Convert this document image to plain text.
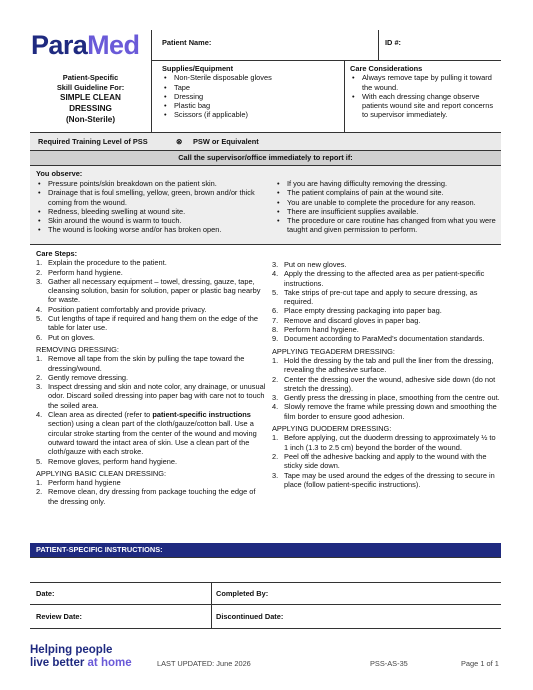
ParaMed	Patient Name:	ID #:
Patient-Specific
Skill Guideline For:
SIMPLE CLEAN
DRESSING
(Non-Sterile)
Supplies/Equipment
• Non-Sterile disposable gloves
• Tape
• Dressing
• Plastic bag
• Scissors (if applicable)
Care Considerations
• Always remove tape by pulling it toward the wound.
• With each dressing change observe patients wound site and report concerns to supervisor immediately.
Required Training Level of PSS	⊗ PSW or Equivalent
Call the supervisor/office immediately to report if:
You observe:
• Pressure points/skin breakdown on the patient skin.
• Drainage that is foul smelling, yellow, green, brown and/or thick coming from the wound.
• Redness, bleeding swelling at wound site.
• Skin around the wound is warm to touch.
• The wound is looking worse and/or has broken open.
• If you are having difficulty removing the dressing.
• The patient complains of pain at the wound site.
• You are unable to complete the procedure for any reason.
• There are insufficient supplies available.
• The procedure or care routine has changed from what you were taught and given permission to perform.
Care Steps:
1. Explain the procedure to the patient.
2. Perform hand hygiene.
3. Gather all necessary equipment – towel, dressing, gauze, tape, cleansing solution, basin for solution, paper or plastic bag nearby for waste.
4. Position patient comfortably and provide privacy.
5. Cut lengths of tape if required and hang them on the edge of the table for later use.
6. Put on gloves.
REMOVING DRESSING:
1. Remove all tape from the skin by pulling the tape toward the dressing/wound.
2. Gently remove dressing.
3. Inspect dressing and skin and note color, any drainage, or unusual odor. Discard soiled dressing into paper bag with care not to touch the soiled area.
4. Clean area as directed (refer to patient-specific instructions section) using a clean part of the cloth/gauze/cotton ball. Use a circular stroke starting from the center of the wound and moving outward toward the intact area of skin. Use a clean part of the cloth/gauze with each stroke.
5. Remove gloves, perform hand hygiene.
APPLYING BASIC CLEAN DRESSING:
1. Perform hand hygiene
2. Remove clean, dry dressing from package touching the edge of the dressing only.
3. Put on new gloves.
4. Apply the dressing to the affected area as per patient-specific instructions.
5. Take strips of pre-cut tape and apply to secure dressing, as required.
6. Place empty dressing packaging into paper bag.
7. Remove and discard gloves in paper bag.
8. Perform hand hygiene.
9. Document according to ParaMed’s documentation standards.
APPLYING TEGADERM DRESSING:
1. Hold the dressing by the tab and pull the liner from the dressing, revealing the adhesive surface.
2. Center the dressing over the wound, adhesive side down (do not stretch the dressing).
3. Gently press the dressing in place, smoothing from the centre out.
4. Slowly remove the frame while pressing down and smoothing the film border to ensure good adhesion.
APPLYING DUODERM DRESSING:
1. Before applying, cut the duoderm dressing to approximately ½ to 1 inch (1.3 to 2.5 cm) beyond the border of the wound.
2. Peel off the adhesive backing and apply to the wound with the sticky side down.
3. Tape may be used around the edges of the dressing to secure in place (follow patient-specific instructions).
PATIENT-SPECIFIC INSTRUCTIONS:
Date:	Completed By:
Review Date:	Discontinued Date:
Helping people
live better at home	LAST UPDATED: June 2026	PSS-AS-35	Page 1 of 1
